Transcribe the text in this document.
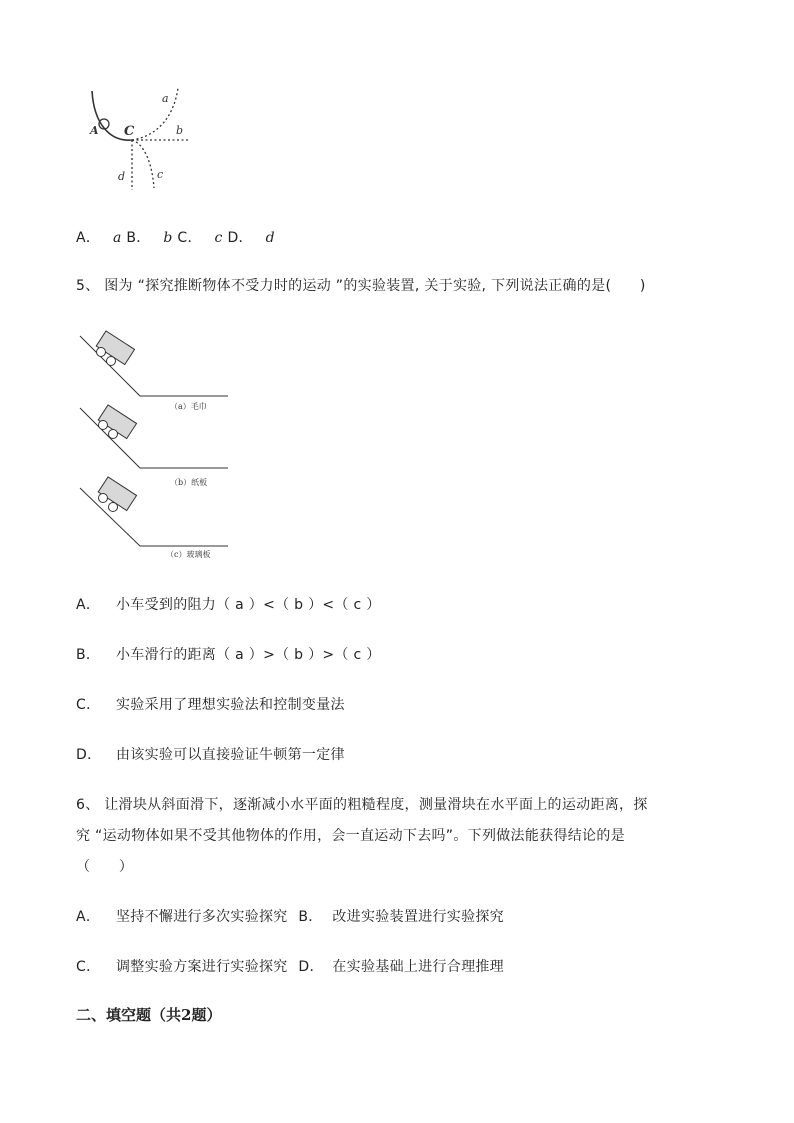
A C
a
b
c
d
A． a B． b C． c D． d
5、 图为 “探究推断物体不受力时的运动 ”的实验装置, 关于实验, 下列说法正确的是(　　)
（a）毛巾
（b）纸板
（c）玻璃板
A． 小车受到的阻力（ a ）<（ b ）<（ c ）
B． 小车滑行的距离（ a ）>（ b ）>（ c ）
C． 实验采用了理想实验法和控制变量法
D． 由该实验可以直接验证牛顿第一定律
6、 让滑块从斜面滑下，逐渐减小水平面的粗糙程度，测量滑块在水平面上的运动距离，探
究 “运动物体如果不受其他物体的作用，会一直运动下去吗”。下列做法能获得结论的是
（　　）
A． 坚持不懈进行多次实验探究 B． 改进实验装置进行实验探究
C． 调整实验方案进行实验探究 D． 在实验基础上进行合理推理
二、填空题（共2题）
